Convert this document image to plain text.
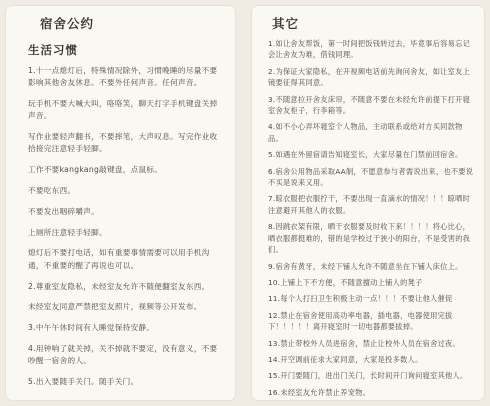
宿舍公约
生活习惯

1.十一点熄灯后，特殊情况除外，习惯晚睡的尽量不要影响其他舍友休息。不要外任何声音。任何声音。

玩手机不要大喊大叫，咯咯笑，聊天打字手机键盘关掉声音。

写作业要轻声翻书，不要摔笔，大声叹息。写完作业收拾接完注意轻手轻脚。

工作不要kangkang敲键盘，点鼠标。

不要吃东西。

不要发出咽碎嚼声。

上厕所注意轻手轻脚。

熄灯后不要打电话，如有重要事情需要可以用手机沟通，不重要的醒了再说也可以。

2.尊重室友隐私，未经室友允许不随便翻室友东西。

未经室友同意严禁把室友照片，视频等公开发布。

3.中午午休时间有人睡觉保持安静。

4.用钟响了就关掉，关不掉就不要定，没有意义，不要吵醒一宿舍的人。

5.出入要随手关门。随手关门。

其它

1.如让舍友帮饭，第一时间把饭钱转过去，毕竟事后容易忘记会让舍友为难，借钱同理。

2.为保证大家隐私，在开视频电话前先询问舍友，如让室友上镜要征得其同意。

3.不随意拉开舍友床帘，不随意不要在未经允许前提下打开寝室舍友柜子，行李箱等。

4.如不小心弄坏寝室个人物品，主动联系或给对方买同款物品。

5.如遇在外留宿请告知寝室长，大家尽量在门禁前回宿舍。

6.宿舍公用物品采取AA制，不愿意参与者需说出来，也不要说不买是说来又用。

7.晾衣服把衣服拧干，不要出现一直滴水的情况！！！晾晒时注意避开其他人的衣服。

8.因跳衣架有限，晒干衣服要及时收下来！！！！将心比心，晒衣服都挺难的，错的是学校过于狭小的阳台，不是受害的我们。

9.宿舍有黄牙，未经下铺人允许不随意坐在下铺人床位上。

10.上铺上下不方便，不随意擅动上铺人的凳子

11.每个人打扫卫生积极主动一点！！！不要让他人催促

12.禁止在宿舍使用高功率电器，插电器，电器使用完拔下！！！！！离开寝室时一切电器都要拔掉。

13.禁止带校外人员进宿舍，禁止让校外人员在宿舍过夜。

14.开空调前征求大家同意，大家是投多数人。

15.开门要随门，进出门关门，长时间开门询问寝室其他人。

16.未经室友允许禁止养宠物。
